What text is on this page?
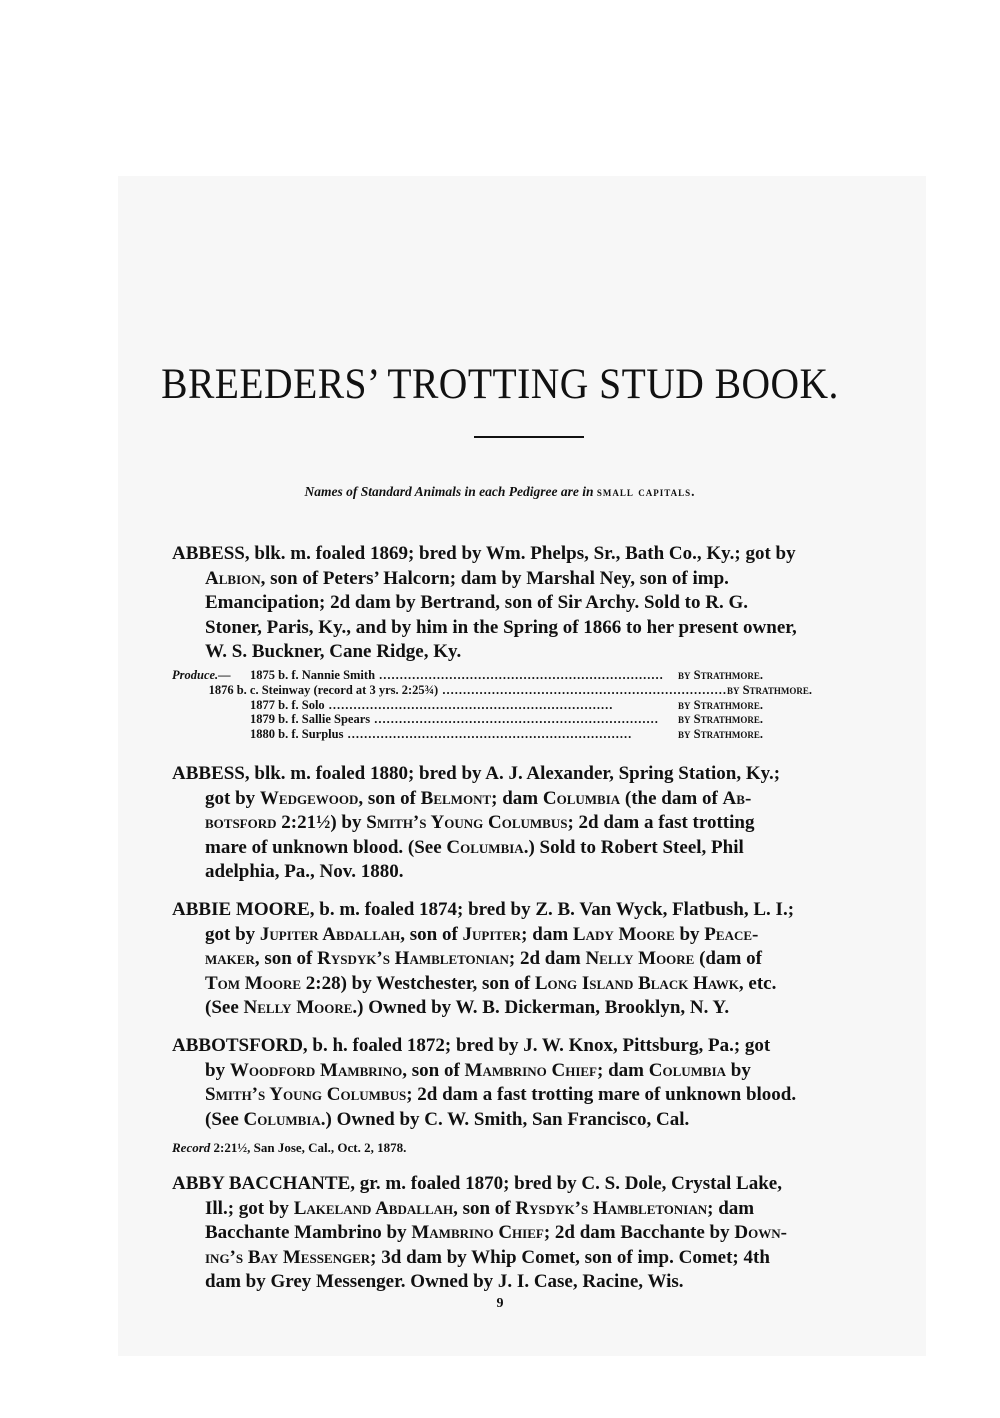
BREEDERS’ TROTTING STUD BOOK.
Names of Standard Animals in each Pedigree are in small capitals.
ABBESS, blk. m. foaled 1869; bred by Wm. Phelps, Sr., Bath Co., Ky.; got by
Albion, son of Peters’ Halcorn; dam by Marshal Ney, son of imp.
Emancipation; 2d dam by Bertrand, son of Sir Archy. Sold to R. G.
Stoner, Paris, Ky., and by him in the Spring of 1866 to her present owner,
W. S. Buckner, Cane Ridge, Ky.
Produce.—	1875 b. f. Nannie Smith .....................................................................	by Strathmore.
1876 b. c. Steinway (record at 3 yrs. 2:25¾) ..................................................................... by Strathmore.
1877 b. f. Solo .....................................................................	by Strathmore.
1879 b. f. Sallie Spears .....................................................................	by Strathmore.
1880 b. f. Surplus .....................................................................	by Strathmore.
ABBESS, blk. m. foaled 1880; bred by A. J. Alexander, Spring Station, Ky.;
got by Wedgewood, son of Belmont; dam Columbia (the dam of Ab-
botsford 2:21½) by Smith’s Young Columbus; 2d dam a fast trotting
mare of unknown blood. (See Columbia.) Sold to Robert Steel, Phil
adelphia, Pa., Nov. 1880.
ABBIE MOORE, b. m. foaled 1874; bred by Z. B. Van Wyck, Flatbush, L. I.;
got by Jupiter Abdallah, son of Jupiter; dam Lady Moore by Peace-
maker, son of Rysdyk’s Hambletonian; 2d dam Nelly Moore (dam of
Tom Moore 2:28) by Westchester, son of Long Island Black Hawk, etc.
(See Nelly Moore.) Owned by W. B. Dickerman, Brooklyn, N. Y.
ABBOTSFORD, b. h. foaled 1872; bred by J. W. Knox, Pittsburg, Pa.; got
by Woodford Mambrino, son of Mambrino Chief; dam Columbia by
Smith’s Young Columbus; 2d dam a fast trotting mare of unknown blood.
(See Columbia.) Owned by C. W. Smith, San Francisco, Cal.
Record 2:21½, San Jose, Cal., Oct. 2, 1878.
ABBY BACCHANTE, gr. m. foaled 1870; bred by C. S. Dole, Crystal Lake,
Ill.; got by Lakeland Abdallah, son of Rysdyk’s Hambletonian; dam
Bacchante Mambrino by Mambrino Chief; 2d dam Bacchante by Down-
ing’s Bay Messenger; 3d dam by Whip Comet, son of imp. Comet; 4th
dam by Grey Messenger. Owned by J. I. Case, Racine, Wis.
9
